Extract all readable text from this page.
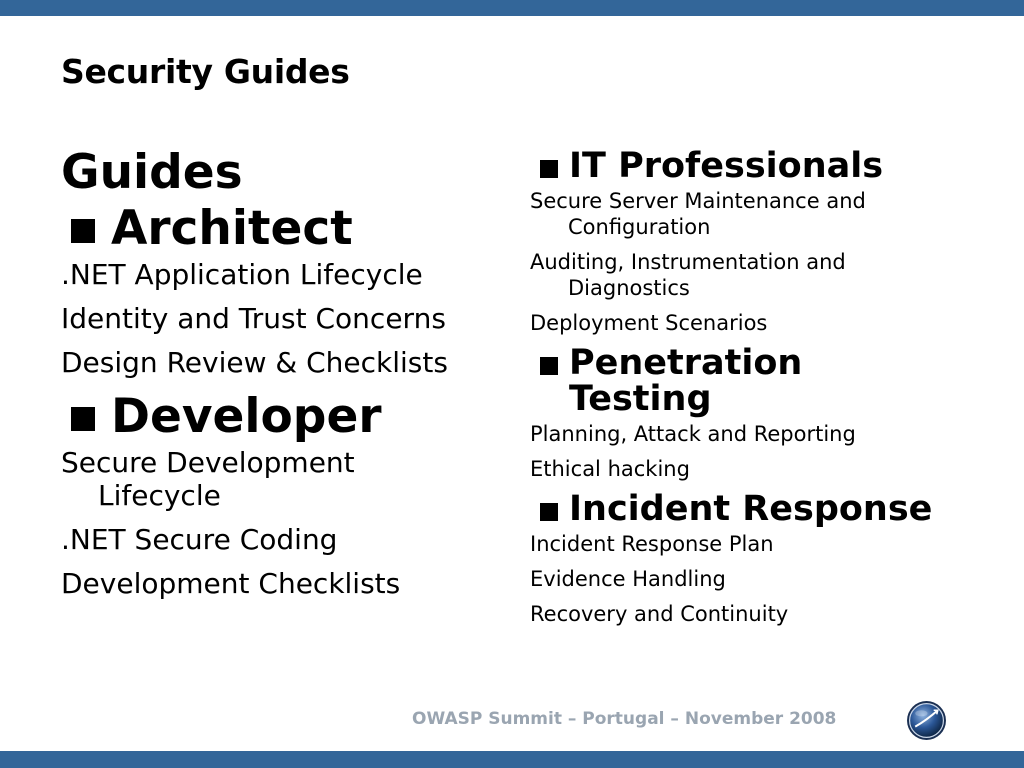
Security Guides
Guides
Architect
.NET Application Lifecycle
Identity and Trust Concerns
Design Review & Checklists
Developer
Secure Development Lifecycle
.NET Secure Coding
Development Checklists
IT Professionals
Secure Server Maintenance and Configuration
Auditing, Instrumentation and Diagnostics
Deployment Scenarios
Penetration Testing
Planning, Attack and Reporting
Ethical hacking
Incident Response
Incident Response Plan
Evidence Handling
Recovery and Continuity
OWASP Summit – Portugal – November 2008
